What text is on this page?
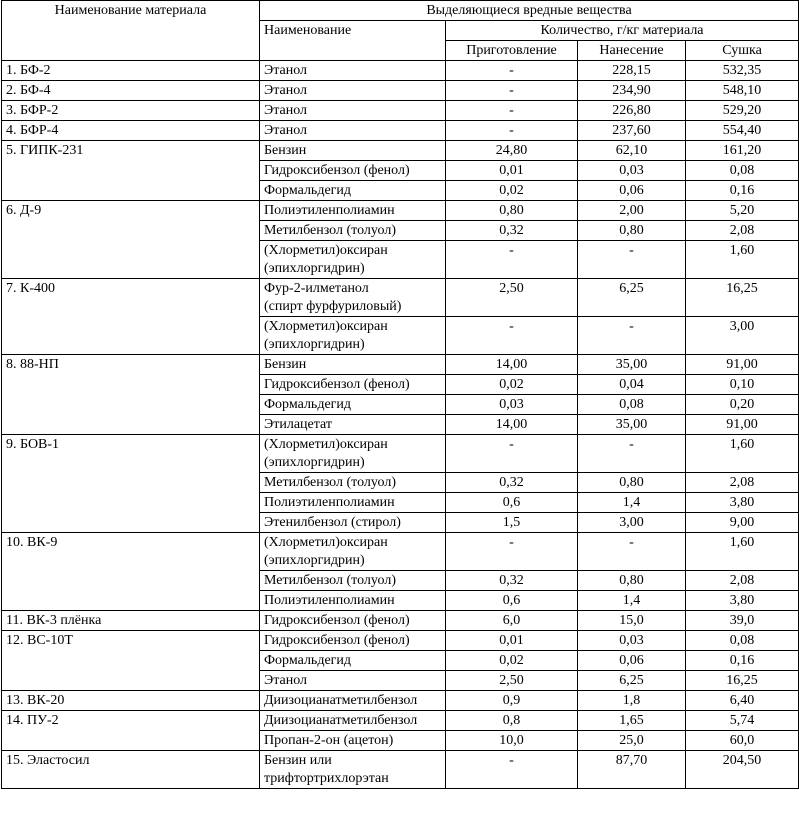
Наименование материала	Выделяющиеся вредные вещества			
	Наименование	Количество, г/кг материала		
		Приготовление	Нанесение	Сушка
1. БФ-2	Этанол	-	228,15	532,35
2. БФ-4	Этанол	-	234,90	548,10
3. БФР-2	Этанол	-	226,80	529,20
4. БФР-4	Этанол	-	237,60	554,40
5. ГИПК-231	Бензин	24,80	62,10	161,20

	Гидроксибензол (фенол)	0,01	0,03	0,08

	Формальдегид	0,02	0,06	0,16
6. Д-9	Полиэтиленполиамин	0,80	2,00	5,20

	Метилбензол (толуол)	0,32	0,80	2,08

	(Хлорметил)оксиран
(эпихлоргидрин)	-	-	1,60
7. К-400	Фур-2-илметанол
(спирт фурфуриловый)	2,50	6,25	16,25

	(Хлорметил)оксиран
(эпихлоргидрин)	-	-	3,00
8. 88-НП	Бензин	14,00	35,00	91,00

	Гидроксибензол (фенол)	0,02	0,04	0,10

	Формальдегид	0,03	0,08	0,20

	Этилацетат	14,00	35,00	91,00
9. БОВ-1	(Хлорметил)оксиран
(эпихлоргидрин)	-	-	1,60

	Метилбензол (толуол)	0,32	0,80	2,08

	Полиэтиленполиамин	0,6	1,4	3,80

	Этенилбензол (стирол)	1,5	3,00	9,00
10. ВК-9	(Хлорметил)оксиран
(эпихлоргидрин)	-	-	1,60

	Метилбензол (толуол)	0,32	0,80	2,08

	Полиэтиленполиамин	0,6	1,4	3,80
11. ВК-3 плёнка	Гидроксибензол (фенол)	6,0	15,0	39,0
12. ВС-10Т	Гидроксибензол (фенол)	0,01	0,03	0,08

	Формальдегид	0,02	0,06	0,16

	Этанол	2,50	6,25	16,25
13. ВК-20	Диизоцианатметилбензол	0,9	1,8	6,40
14. ПУ-2	Диизоцианатметилбензол	0,8	1,65	5,74

	Пропан-2-он (ацетон)	10,0	25,0	60,0
15. Эластосил	Бензин или
трифтортрихлорэтан	-	87,70	204,50
